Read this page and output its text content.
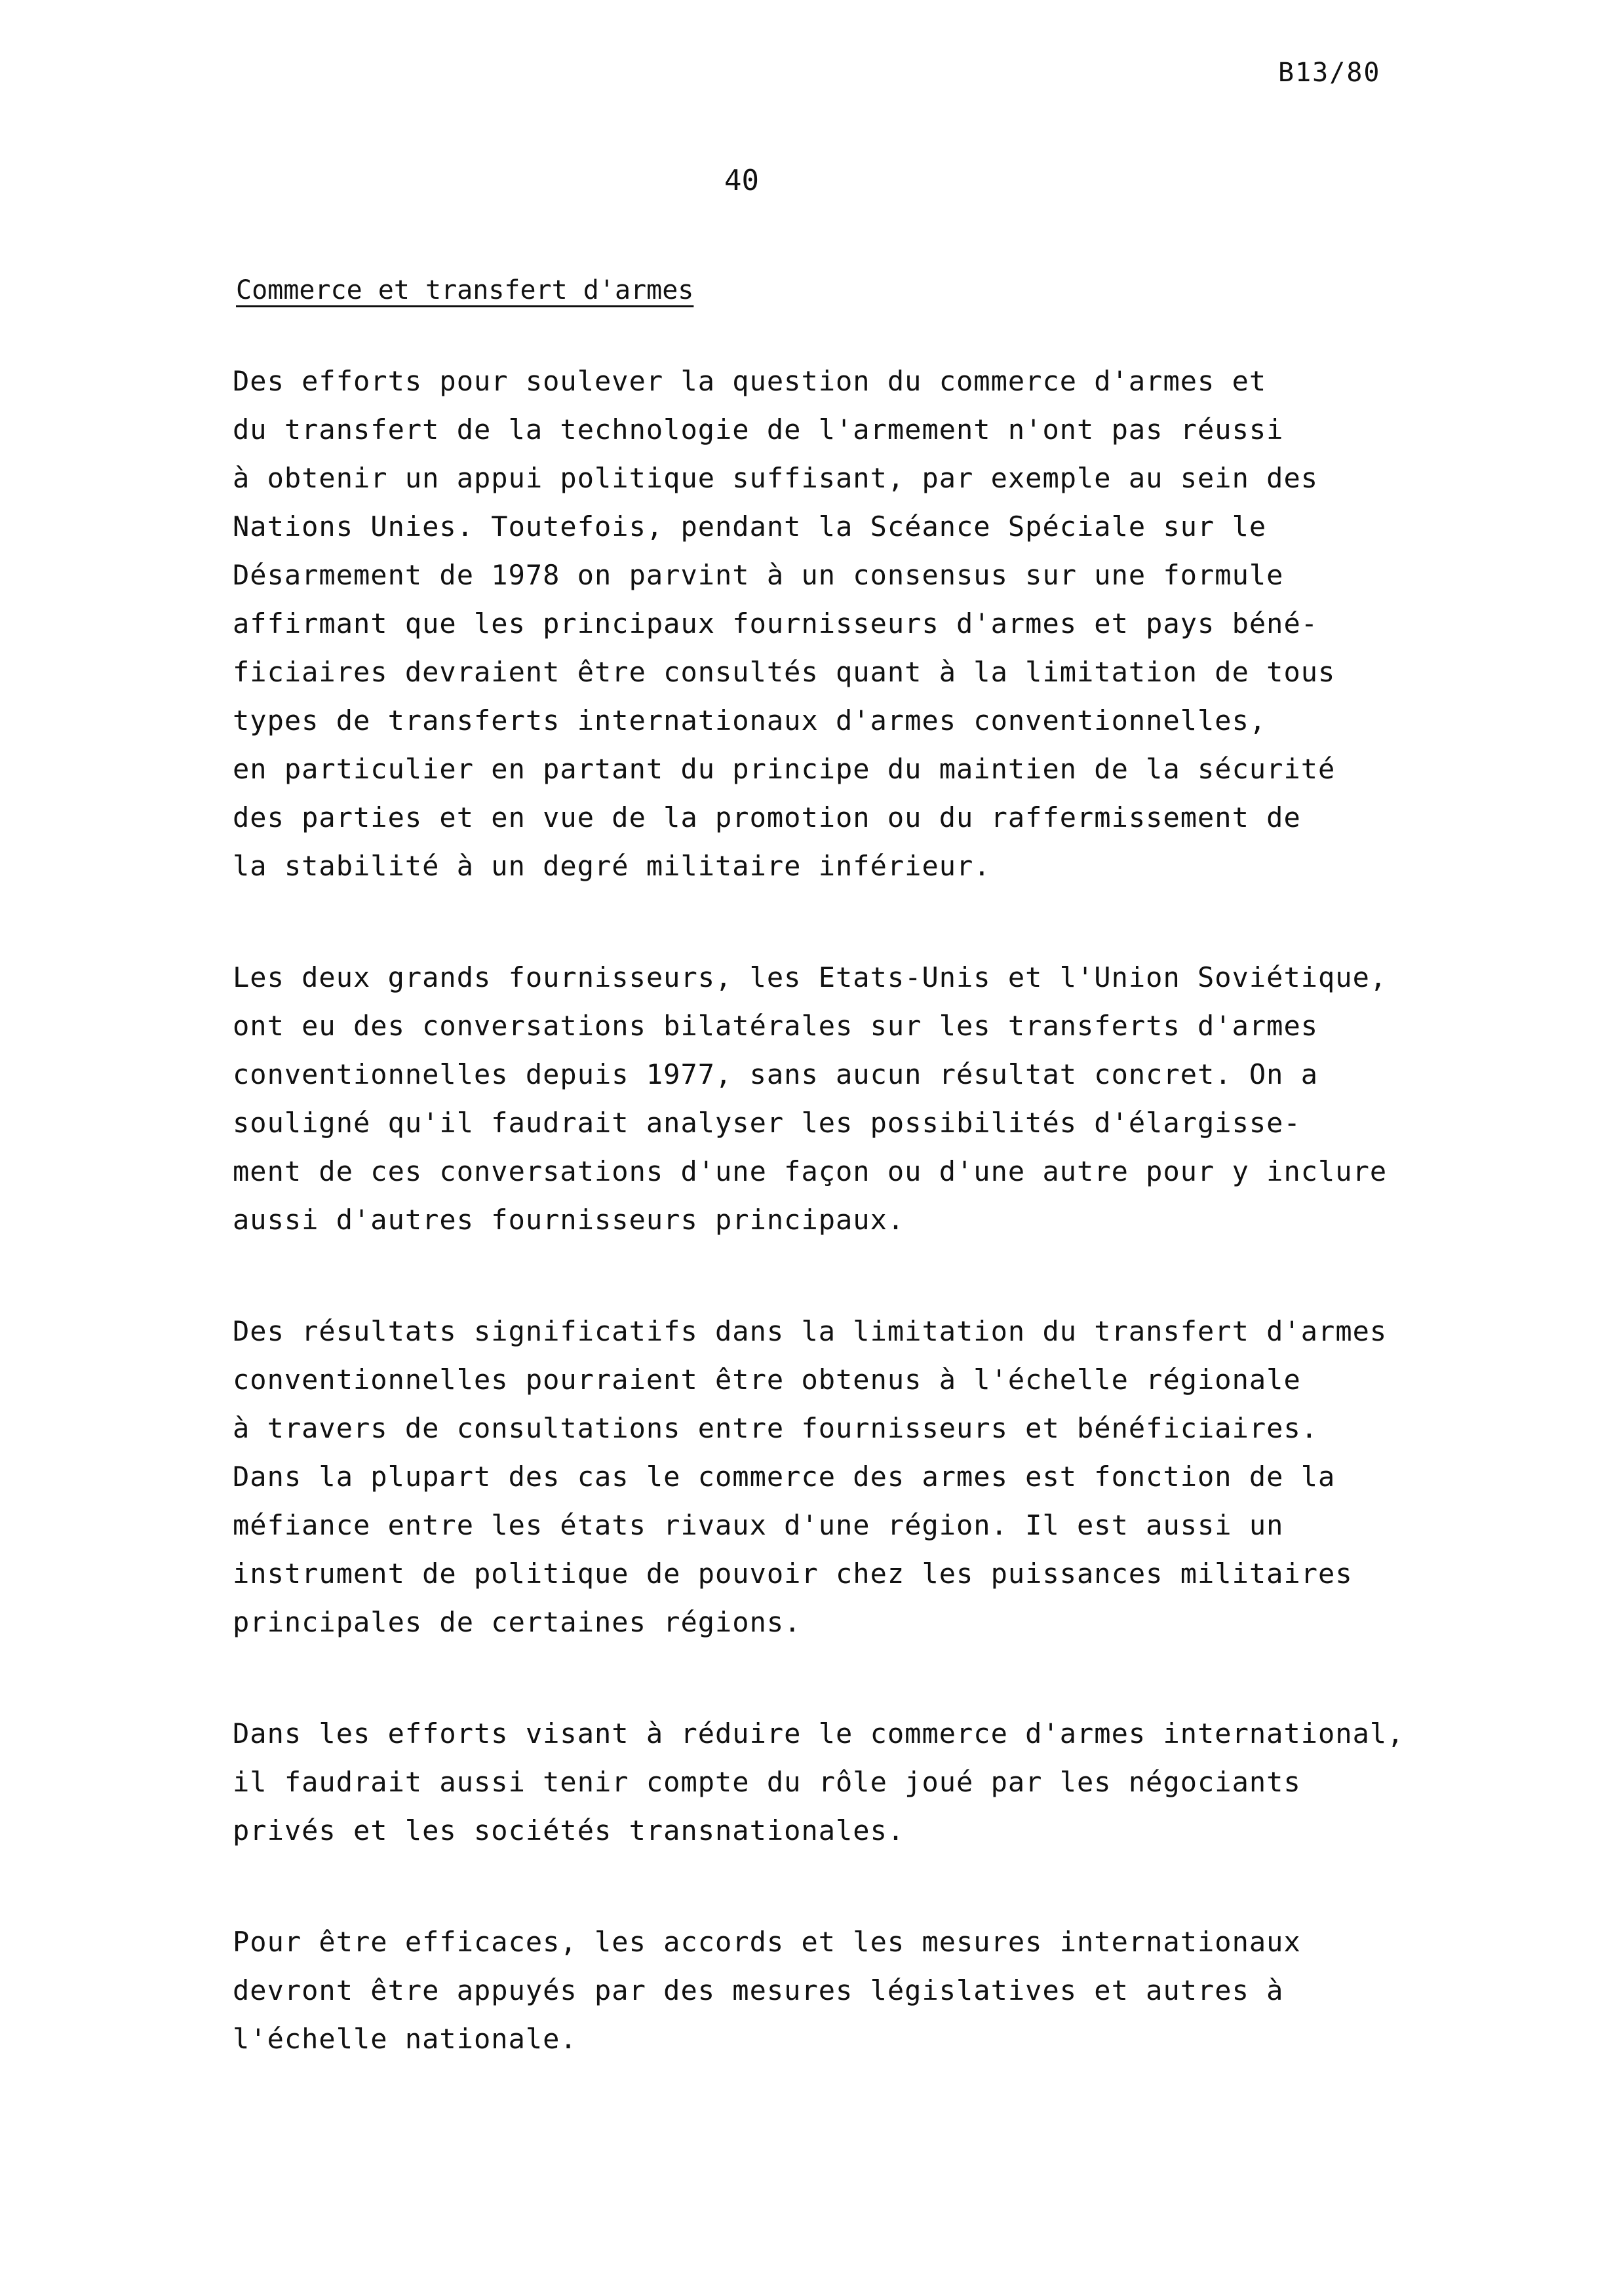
B13/80
40
Commerce et transfert d'armes
Des efforts pour soulever la question du commerce d'armes et
du transfert de la technologie de l'armement n'ont pas réussi
à obtenir un appui politique suffisant, par exemple au sein des
Nations Unies. Toutefois, pendant la Scéance Spéciale sur le
Désarmement de 1978 on parvint à un consensus sur une formule
affirmant que les principaux fournisseurs d'armes et pays béné-
ficiaires devraient être consultés quant à la limitation de tous
types de transferts internationaux d'armes conventionnelles,
en particulier en partant du principe du maintien de la sécurité
des parties et en vue de la promotion ou du raffermissement de
la stabilité à un degré militaire inférieur.
Les deux grands fournisseurs, les Etats-Unis et l'Union Soviétique,
ont eu des conversations bilatérales sur les transferts d'armes
conventionnelles depuis 1977, sans aucun résultat concret. On a
souligné qu'il faudrait analyser les possibilités d'élargisse-
ment de ces conversations d'une façon ou d'une autre pour y inclure
aussi d'autres fournisseurs principaux.
Des résultats significatifs dans la limitation du transfert d'armes
conventionnelles pourraient être obtenus à l'échelle régionale
à travers de consultations entre fournisseurs et bénéficiaires.
Dans la plupart des cas le commerce des armes est fonction de la
méfiance entre les états rivaux d'une région. Il est aussi un
instrument de politique de pouvoir chez les puissances militaires
principales de certaines régions.
Dans les efforts visant à réduire le commerce d'armes international,
il faudrait aussi tenir compte du rôle joué par les négociants
privés et les sociétés transnationales.
Pour être efficaces, les accords et les mesures internationaux
devront être appuyés par des mesures législatives et autres à
l'échelle nationale.
